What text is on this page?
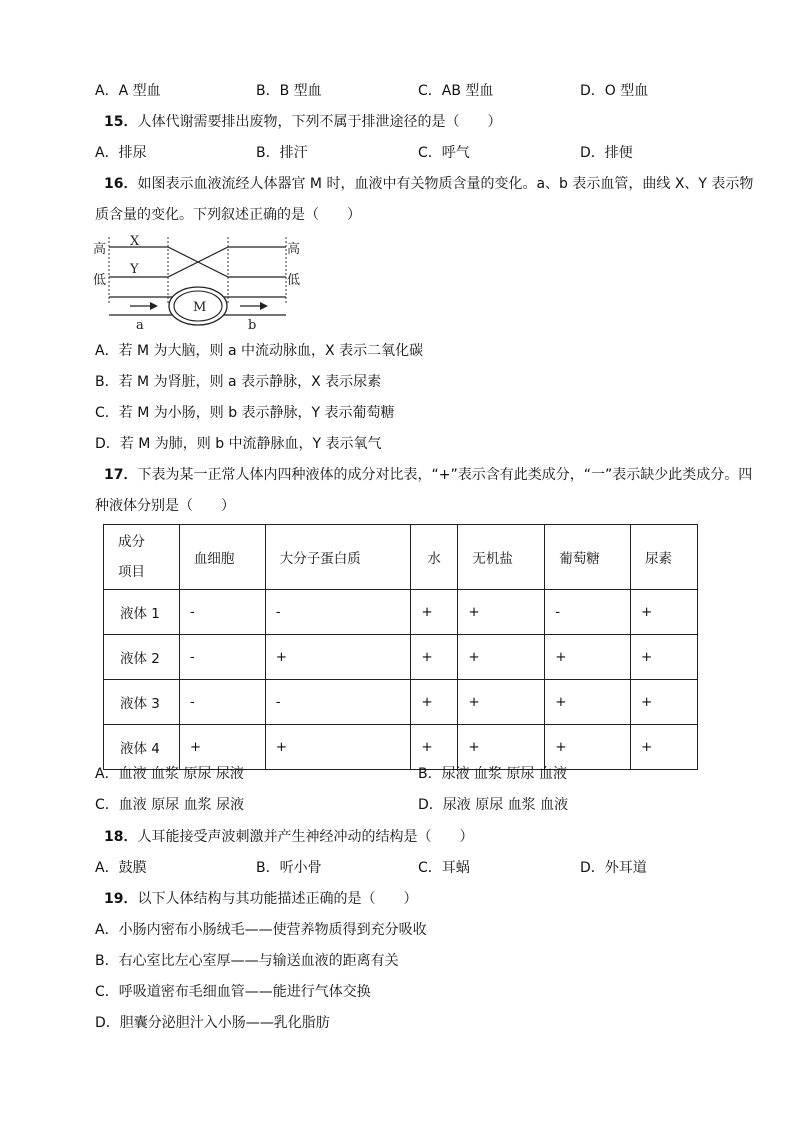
A．A 型血	B．B 型血	C．AB 型血	D．O 型血
15．人体代谢需要排出废物，下列不属于排泄途径的是（　　）
A．排尿	B．排汗	C．呼气	D．排便
16．如图表示血液流经人体器官 M 时，血液中有关物质含量的变化。a、b 表示血管，曲线 X、Y 表示物
质含量的变化。下列叙述正确的是（　　）
高
低
高
低
X
Y
M
a	b
A．若 M 为大脑，则 a 中流动脉血，X 表示二氧化碳
B．若 M 为肾脏，则 a 表示静脉，X 表示尿素
C．若 M 为小肠，则 b 表示静脉，Y 表示葡萄糖
D．若 M 为肺，则 b 中流静脉血，Y 表示氧气
17．下表为某一正常人体内四种液体的成分对比表，“+”表示含有此类成分，“一”表示缺少此类成分。四
种液体分别是（　　）
成分
项目	血细胞	大分子蛋白质	水	无机盐	葡萄糖	尿素
液体 1	-	-	+	+	-	+
液体 2	-	+	+	+	+	+
液体 3	-	-	+	+	+	+
液体 4	+	+	+	+	+	+
A．血液 血浆 原尿 尿液	B．尿液 血浆 原尿 血液
C．血液 原尿 血浆 尿液	D．尿液 原尿 血浆 血液
18．人耳能接受声波刺激并产生神经冲动的结构是（　　）
A．鼓膜	B．听小骨	C．耳蜗	D．外耳道
19．以下人体结构与其功能描述正确的是（　　）
A．小肠内密布小肠绒毛——使营养物质得到充分吸收
B．右心室比左心室厚——与输送血液的距离有关
C．呼吸道密布毛细血管——能进行气体交换
D．胆囊分泌胆汁入小肠——乳化脂肪
